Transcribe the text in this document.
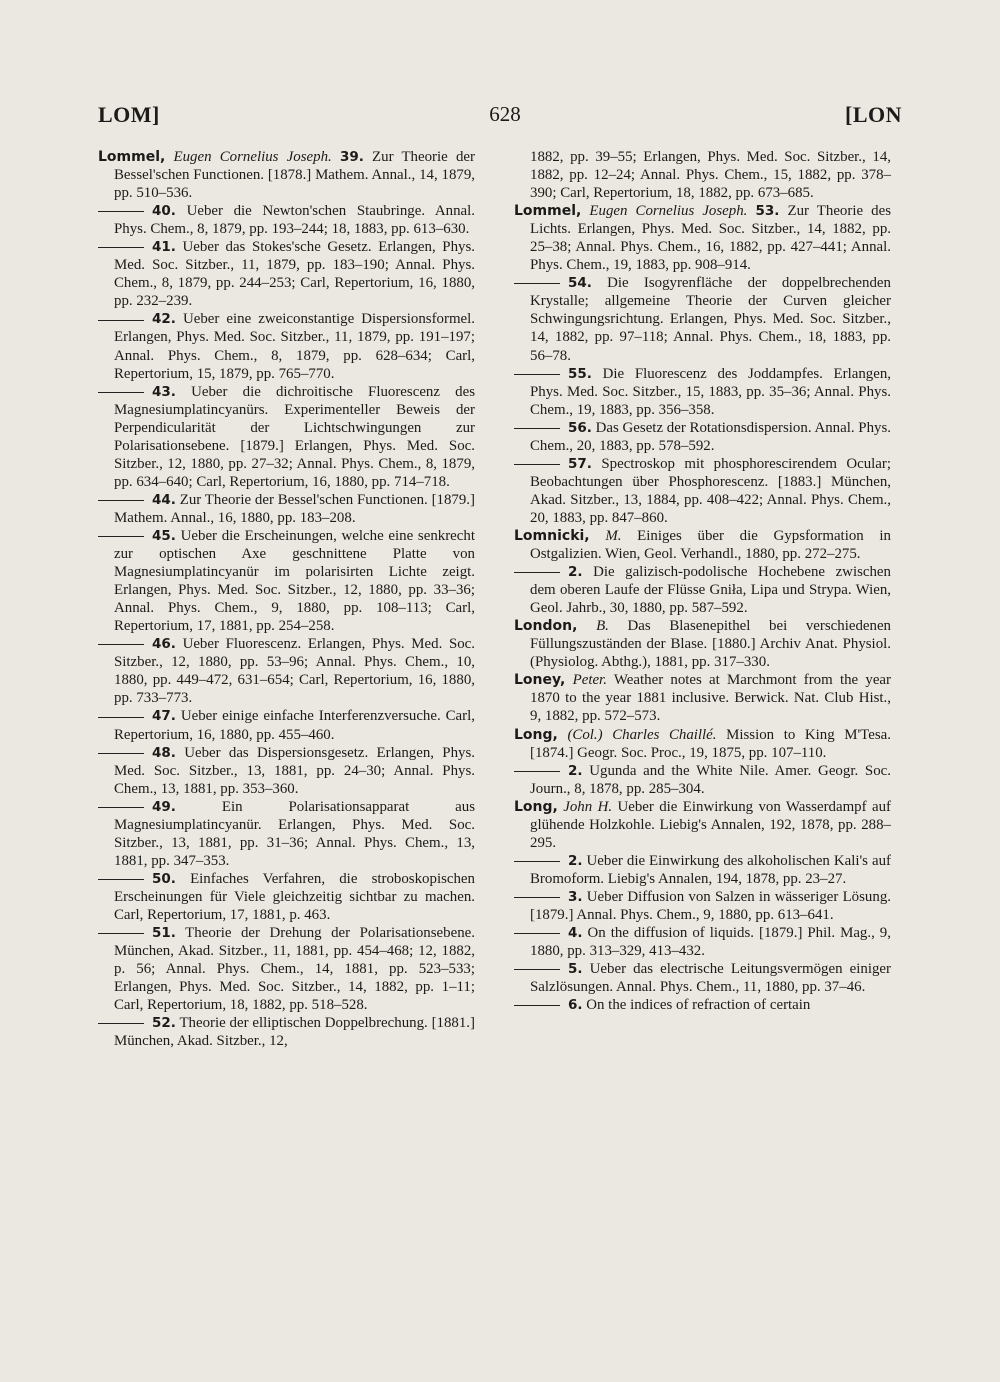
LOM]	628	[LON

Lommel, Eugen Cornelius Joseph. 39. Zur Theorie der Bessel'schen Functionen. [1878.] Mathem. Annal., 14, 1879, pp. 510–536.

40. Ueber die Newton'schen Staubringe. Annal. Phys. Chem., 8, 1879, pp. 193–244; 18, 1883, pp. 613–630.

41. Ueber das Stokes'sche Gesetz. Erlangen, Phys. Med. Soc. Sitzber., 11, 1879, pp. 183–190; Annal. Phys. Chem., 8, 1879, pp. 244–253; Carl, Repertorium, 16, 1880, pp. 232–239.

42. Ueber eine zweiconstantige Dispersionsformel. Erlangen, Phys. Med. Soc. Sitzber., 11, 1879, pp. 191–197; Annal. Phys. Chem., 8, 1879, pp. 628–634; Carl, Repertorium, 15, 1879, pp. 765–770.

43. Ueber die dichroitische Fluorescenz des Magnesiumplatincyanürs. Experimenteller Beweis der Perpendicularität der Lichtschwingungen zur Polarisationsebene. [1879.] Erlangen, Phys. Med. Soc. Sitzber., 12, 1880, pp. 27–32; Annal. Phys. Chem., 8, 1879, pp. 634–640; Carl, Repertorium, 16, 1880, pp. 714–718.

44. Zur Theorie der Bessel'schen Functionen. [1879.] Mathem. Annal., 16, 1880, pp. 183–208.

45. Ueber die Erscheinungen, welche eine senkrecht zur optischen Axe geschnittene Platte von Magnesiumplatincyanür im polarisirten Lichte zeigt. Erlangen, Phys. Med. Soc. Sitzber., 12, 1880, pp. 33–36; Annal. Phys. Chem., 9, 1880, pp. 108–113; Carl, Repertorium, 17, 1881, pp. 254–258.

46. Ueber Fluorescenz. Erlangen, Phys. Med. Soc. Sitzber., 12, 1880, pp. 53–96; Annal. Phys. Chem., 10, 1880, pp. 449–472, 631–654; Carl, Repertorium, 16, 1880, pp. 733–773.

47. Ueber einige einfache Interferenzversuche. Carl, Repertorium, 16, 1880, pp. 455–460.

48. Ueber das Dispersionsgesetz. Erlangen, Phys. Med. Soc. Sitzber., 13, 1881, pp. 24–30; Annal. Phys. Chem., 13, 1881, pp. 353–360.

49.	Ein Polarisationsapparat aus Magnesiumplatincyanür. Erlangen, Phys. Med. Soc. Sitzber., 13, 1881, pp. 31–36; Annal. Phys. Chem., 13, 1881, pp. 347–353.

50. Einfaches Verfahren, die stroboskopischen Erscheinungen für Viele gleichzeitig sichtbar zu machen. Carl, Repertorium, 17, 1881, p. 463.

51. Theorie der Drehung der Polarisationsebene. München, Akad. Sitzber., 11, 1881, pp. 454–468; 12, 1882, p. 56; Annal. Phys. Chem., 14, 1881, pp. 523–533; Erlangen, Phys. Med. Soc. Sitzber., 14, 1882, pp. 1–11; Carl, Repertorium, 18, 1882, pp. 518–528.

52. Theorie der elliptischen Doppelbrechung. [1881.] München, Akad. Sitzber., 12,

1882, pp. 39–55; Erlangen, Phys. Med. Soc. Sitzber., 14, 1882, pp. 12–24; Annal. Phys. Chem., 15, 1882, pp. 378–390; Carl, Repertorium, 18, 1882, pp. 673–685.

Lommel, Eugen Cornelius Joseph. 53. Zur Theorie des Lichts. Erlangen, Phys. Med. Soc. Sitzber., 14, 1882, pp. 25–38; Annal. Phys. Chem., 16, 1882, pp. 427–441; Annal. Phys. Chem., 19, 1883, pp. 908–914.

54. Die Isogyrenfläche der doppelbrechenden Krystalle; allgemeine Theorie der Curven gleicher Schwingungsrichtung. Erlangen, Phys. Med. Soc. Sitzber., 14, 1882, pp. 97–118; Annal. Phys. Chem., 18, 1883, pp. 56–78.

55. Die Fluorescenz des Joddampfes. Erlangen, Phys. Med. Soc. Sitzber., 15, 1883, pp. 35–36; Annal. Phys. Chem., 19, 1883, pp. 356–358.

56. Das Gesetz der Rotationsdispersion. Annal. Phys. Chem., 20, 1883, pp. 578–592.

57. Spectroskop mit phosphorescirendem Ocular; Beobachtungen über Phosphorescenz. [1883.] München, Akad. Sitzber., 13, 1884, pp. 408–422; Annal. Phys. Chem., 20, 1883, pp. 847–860.

Lomnicki, M. Einiges über die Gypsformation in Ostgalizien. Wien, Geol. Verhandl., 1880, pp. 272–275.

2. Die galizisch-podolische Hochebene zwischen dem oberen Laufe der Flüsse Gniła, Lipa und Strypa. Wien, Geol. Jahrb., 30, 1880, pp. 587–592.

London, B. Das Blasenepithel bei verschiedenen Füllungszuständen der Blase. [1880.] Archiv Anat. Physiol. (Physiolog. Abthg.), 1881, pp. 317–330.

Loney, Peter. Weather notes at Marchmont from the year 1870 to the year 1881 inclusive. Berwick. Nat. Club Hist., 9, 1882, pp. 572–573.

Long, (Col.) Charles Chaillé. Mission to King M'Tesa. [1874.] Geogr. Soc. Proc., 19, 1875, pp. 107–110.

2. Ugunda and the White Nile. Amer. Geogr. Soc. Journ., 8, 1878, pp. 285–304.

Long, John H. Ueber die Einwirkung von Wasserdampf auf glühende Holzkohle. Liebig's Annalen, 192, 1878, pp. 288–295.

2. Ueber die Einwirkung des alkoholischen Kali's auf Bromoform. Liebig's Annalen, 194, 1878, pp. 23–27.

3. Ueber Diffusion von Salzen in wässeriger Lösung. [1879.] Annal. Phys. Chem., 9, 1880, pp. 613–641.

4. On the diffusion of liquids. [1879.] Phil. Mag., 9, 1880, pp. 313–329, 413–432.

5. Ueber das electrische Leitungsvermögen einiger Salzlösungen. Annal. Phys. Chem., 11, 1880, pp. 37–46.

6. On the indices of refraction of certain
